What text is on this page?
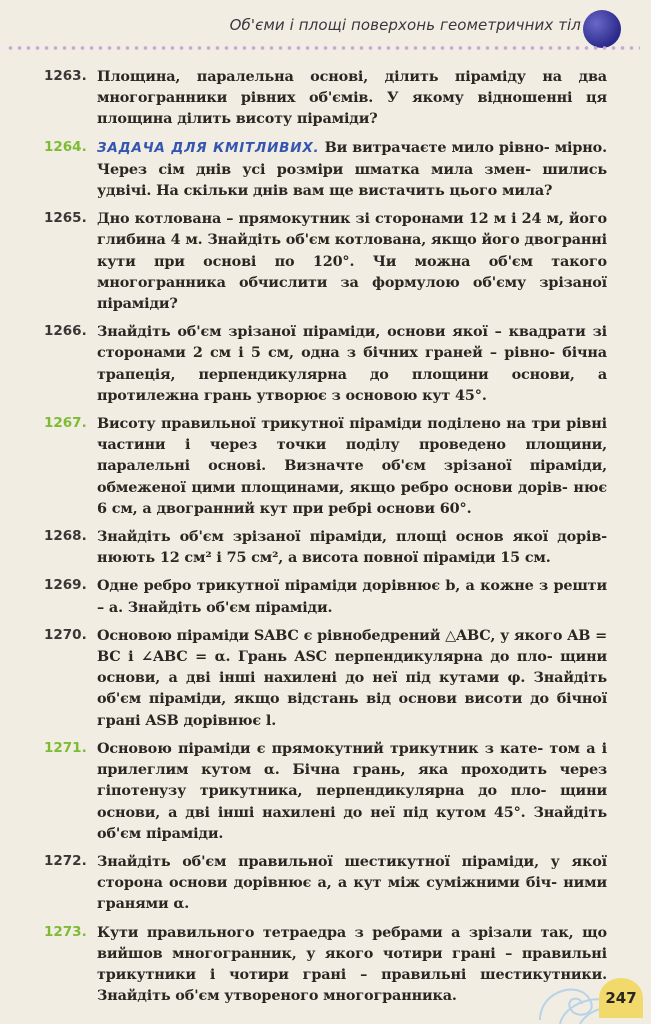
Об'єми і площі поверхонь геометричних тіл
1263. Площина, паралельна основі, ділить піраміду на два многогранники рівних об'ємів. У якому відношенні ця площина ділить висоту піраміди?
1264. ЗАДАЧА ДЛЯ КМІТЛИВИХ. Ви витрачаєте мило рівно- мірно. Через сім днів усі розміри шматка мила змен- шились удвічі. На скільки днів вам ще вистачить цього мила?
1265. Дно котлована – прямокутник зі сторонами 12 м і 24 м, його глибина 4 м. Знайдіть об'єм котлована, якщо його двогранні кути при основі по 120°. Чи можна об'єм такого многогранника обчислити за формулою об'єму зрізаної піраміди?
1266. Знайдіть об'єм зрізаної піраміди, основи якої – квадрати зі сторонами 2 см і 5 см, одна з бічних граней – рівно- бічна трапеція, перпендикулярна до площини основи, а протилежна грань утворює з основою кут 45°.
1267. Висоту правильної трикутної піраміди поділено на три рівні частини і через точки поділу проведено площини, паралельні основі. Визначте об'єм зрізаної піраміди, обмеженої цими площинами, якщо ребро основи дорів- нює 6 см, а двогранний кут при ребрі основи 60°.
1268. Знайдіть об'єм зрізаної піраміди, площі основ якої дорів- нюють 12 см² і 75 см², а висота повної піраміди 15 см.
1269. Одне ребро трикутної піраміди дорівнює b, а кожне з решти – a. Знайдіть об'єм піраміди.
1270. Основою піраміди SABC є рівнобедрений △ABC, у якого AB = BC і ∠ABC = α. Грань ASC перпендикулярна до пло- щини основи, а дві інші нахилені до неї під кутами φ. Знайдіть об'єм піраміди, якщо відстань від основи висоти до бічної грані ASB дорівнює l.
1271. Основою піраміди є прямокутний трикутник з кате- том a і прилеглим кутом α. Бічна грань, яка проходить через гіпотенузу трикутника, перпендикулярна до пло- щини основи, а дві інші нахилені до неї під кутом 45°. Знайдіть об'єм піраміди.
1272. Знайдіть об'єм правильної шестикутної піраміди, у якої сторона основи дорівнює a, а кут між суміжними біч- ними гранями α.
1273. Кути правильного тетраедра з ребрами a зрізали так, що вийшов многогранник, у якого чотири грані – правильні трикутники і чотири грані – правильні шестикутники. Знайдіть об'єм утвореного многогранника.	247
